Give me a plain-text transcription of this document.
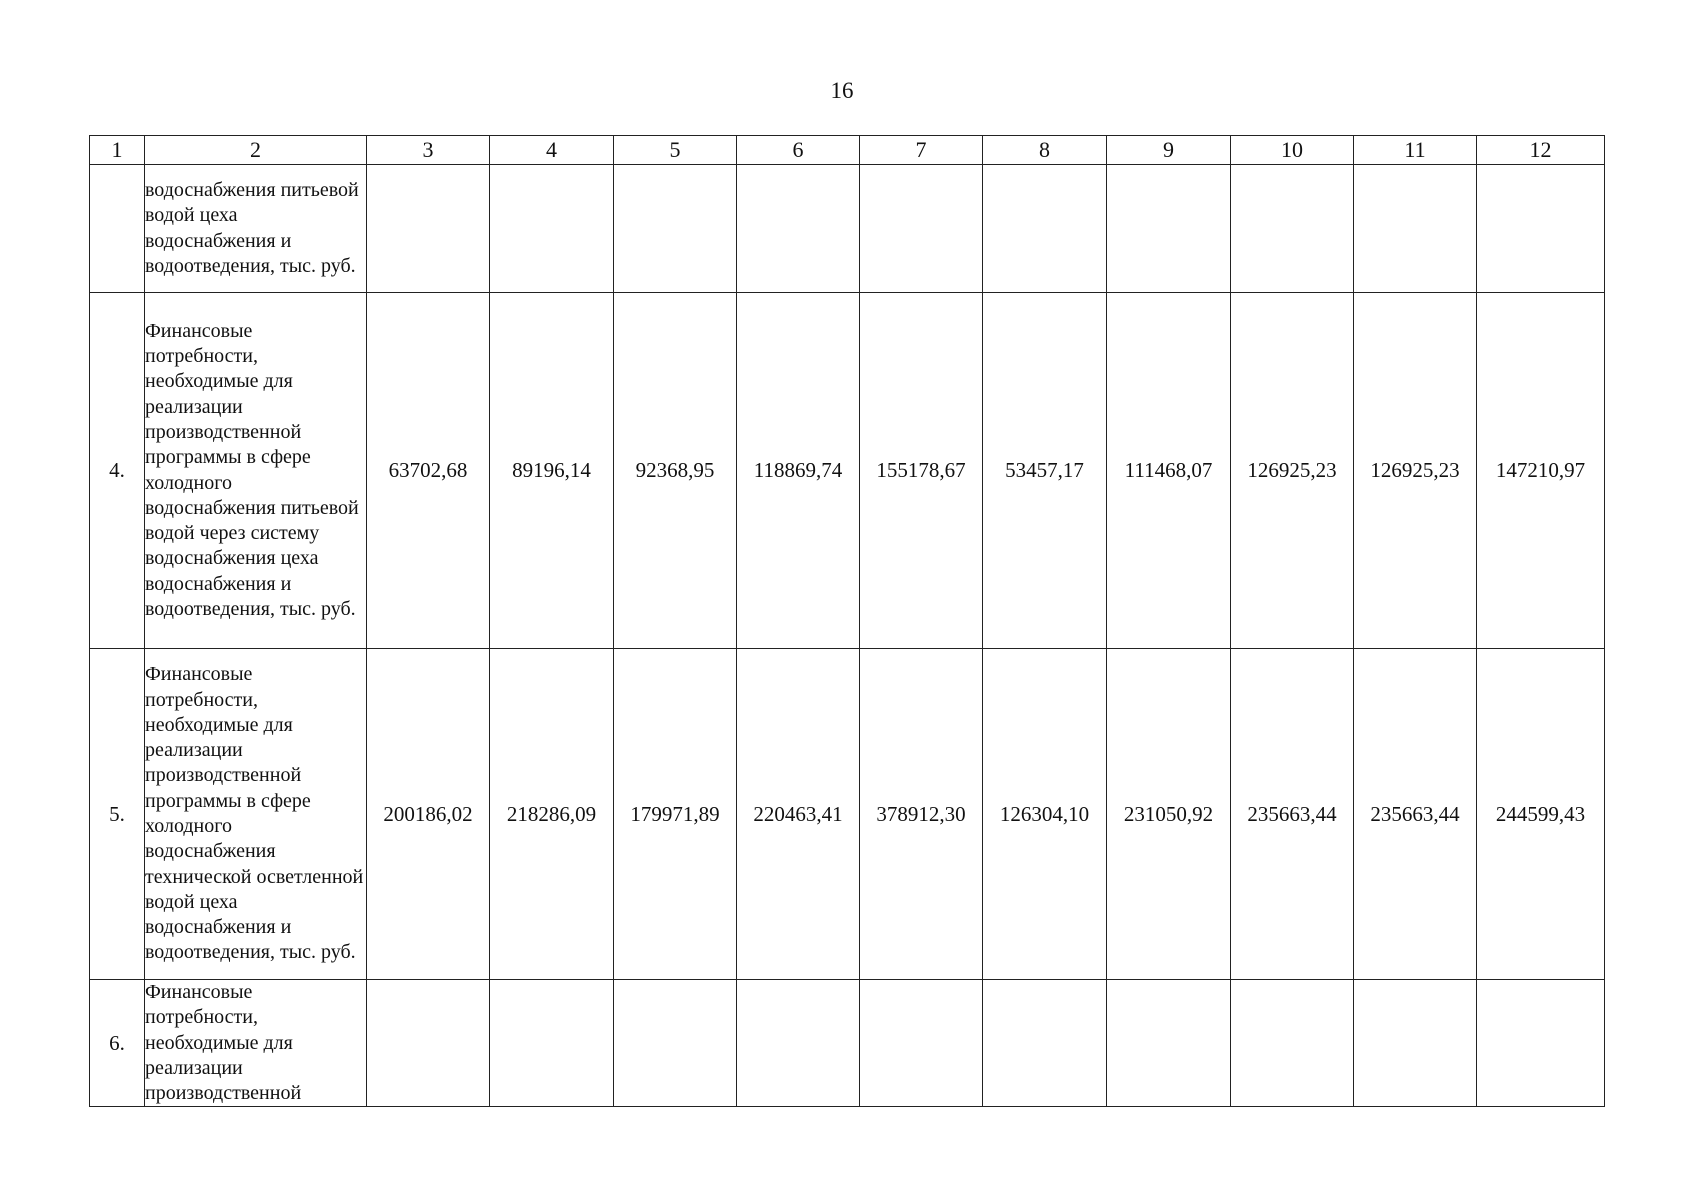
16
1	2	3	4	5	6	7	8	9	10	11	12
	водоснабжения питьевой водой цеха водоснабжения и водоотведения, тыс. руб.										
4.	Финансовые потребности, необходимые для реализации производственной программы в сфере холодного водоснабжения питьевой водой через систему водоснабжения цеха водоснабжения и водоотведения, тыс. руб.	63702,68	89196,14	92368,95	118869,74	155178,67	53457,17	111468,07	126925,23	126925,23	147210,97
5.	Финансовые потребности, необходимые для реализации производственной программы в сфере холодного водоснабжения технической осветленной водой цеха водоснабжения и водоотведения, тыс. руб.	200186,02	218286,09	179971,89	220463,41	378912,30	126304,10	231050,92	235663,44	235663,44	244599,43
6.	Финансовые потребности, необходимые для реализации производственной										
